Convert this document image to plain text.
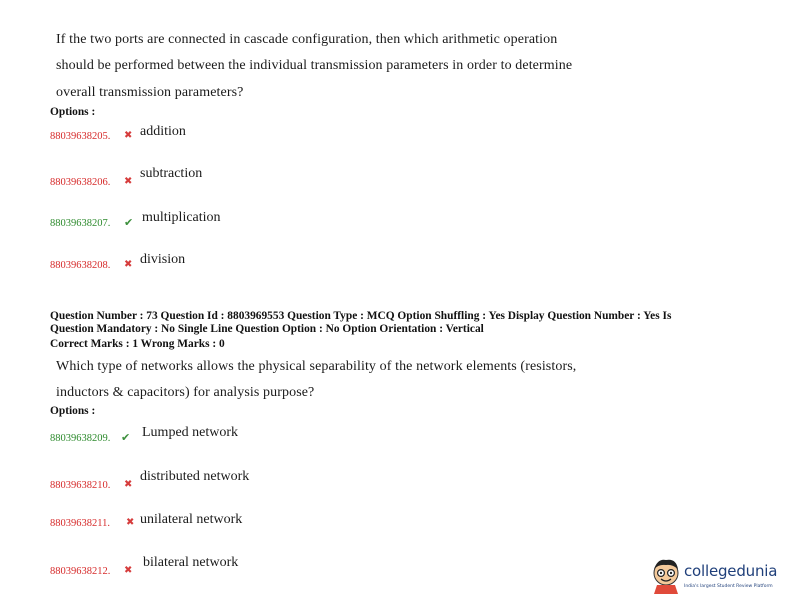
If the two ports are connected in cascade configuration, then which arithmetic operation
should be performed between the individual transmission parameters in order to determine
overall transmission parameters?
Options :
88039638205. ✖ addition
88039638206. ✖
subtraction
88039638207. ✔ multiplication
88039638208. ✖ division
Question Number : 73 Question Id : 8803969553 Question Type : MCQ Option Shuffling : Yes Display Question Number : Yes Is
Question Mandatory : No Single Line Question Option : No Option Orientation : Vertical
Correct Marks : 1 Wrong Marks : 0
Which type of networks allows the physical separability of the network elements (resistors,
inductors & capacitors) for analysis purpose?
Options :
88039638209. ✔ Lumped network
88039638210. ✖
distributed network
88039638211. ✖ unilateral network
88039638212. ✖
bilateral network	collegedunia
India's largest Student Review Platform
